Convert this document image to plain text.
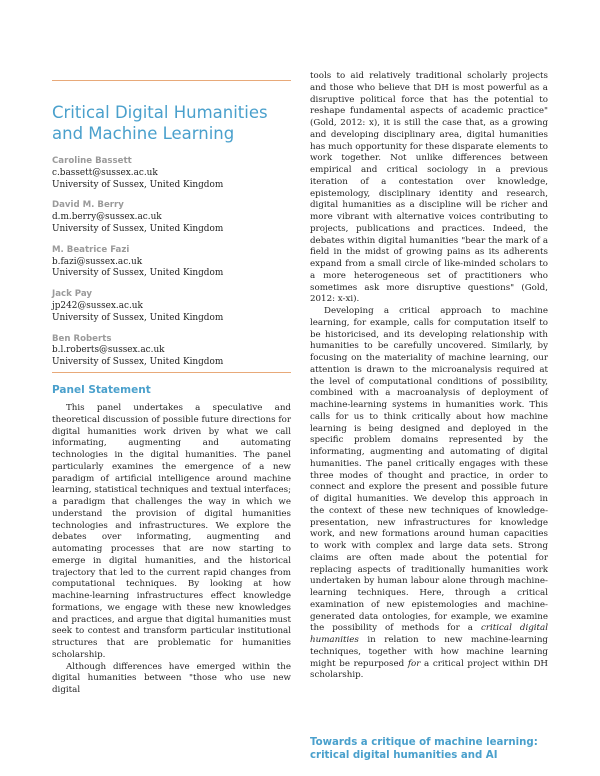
Critical Digital Humanities and Machine Learning
Caroline Bassett
c.bassett@sussex.ac.uk
University of Sussex, United Kingdom
David M. Berry
d.m.berry@sussex.ac.uk
University of Sussex, United Kingdom
M. Beatrice Fazi
b.fazi@sussex.ac.uk
University of Sussex, United Kingdom
Jack Pay
jp242@sussex.ac.uk
University of Sussex, United Kingdom
Ben Roberts
b.l.roberts@sussex.ac.uk
University of Sussex, United Kingdom
Panel Statement

This panel undertakes a speculative and theoretical discussion of possible future directions for digital humanities work driven by what we call informating, augmenting and automating technologies in the digital humanities. The panel particularly examines the emergence of a new paradigm of artificial intelligence around machine learning, statistical techniques and textual interfaces; a paradigm that challenges the way in which we understand the provision of digital humanities technologies and infrastructures. We explore the debates over informating, augmenting and automating processes that are now starting to emerge in digital humanities, and the historical trajectory that led to the current rapid changes from computational techniques. By looking at how machine-learning infrastructures effect knowledge formations, we engage with these new knowledges and practices, and argue that digital humanities must seek to contest and transform particular institutional structures that are problematic for humanities scholarship.

Although differences have emerged within the digital humanities between "those who use new digital

tools to aid relatively traditional scholarly projects and those who believe that DH is most powerful as a disruptive political force that has the potential to reshape fundamental aspects of academic practice" (Gold, 2012: x), it is still the case that, as a growing and developing disciplinary area, digital humanities has much opportunity for these disparate elements to work together. Not unlike differences between empirical and critical sociology in a previous iteration of a contestation over knowledge, epistemology, disciplinary identity and research, digital humanities as a discipline will be richer and more vibrant with alternative voices contributing to projects, publications and practices. Indeed, the debates within digital humanities "bear the mark of a field in the midst of growing pains as its adherents expand from a small circle of like-minded scholars to a more heterogeneous set of practitioners who sometimes ask more disruptive questions" (Gold, 2012: x-xi).

Developing a critical approach to machine learning, for example, calls for computation itself to be historicised, and its developing relationship with humanities to be carefully uncovered. Similarly, by focusing on the materiality of machine learning, our attention is drawn to the microanalysis required at the level of computational conditions of possibility, combined with a macroanalysis of deployment of machine-learning systems in humanities work. This calls for us to think critically about how machine learning is being designed and deployed in the specific problem domains represented by the informating, augmenting and automating of digital humanities. The panel critically engages with these three modes of thought and practice, in order to connect and explore the present and possible future of digital humanities. We develop this approach in the context of these new techniques of knowledge-presentation, new infrastructures for knowledge work, and new formations around human capacities to work with complex and large data sets. Strong claims are often made about the potential for replacing aspects of traditionally humanities work undertaken by human labour alone through machine-learning techniques. Here, through a critical examination of new epistemologies and machine-generated data ontologies, for example, we examine the possibility of methods for a critical digital humanities in relation to new machine-learning techniques, together with how machine learning might be repurposed for a critical project within DH scholarship.

Towards a critique of machine learning: critical digital humanities and AI
